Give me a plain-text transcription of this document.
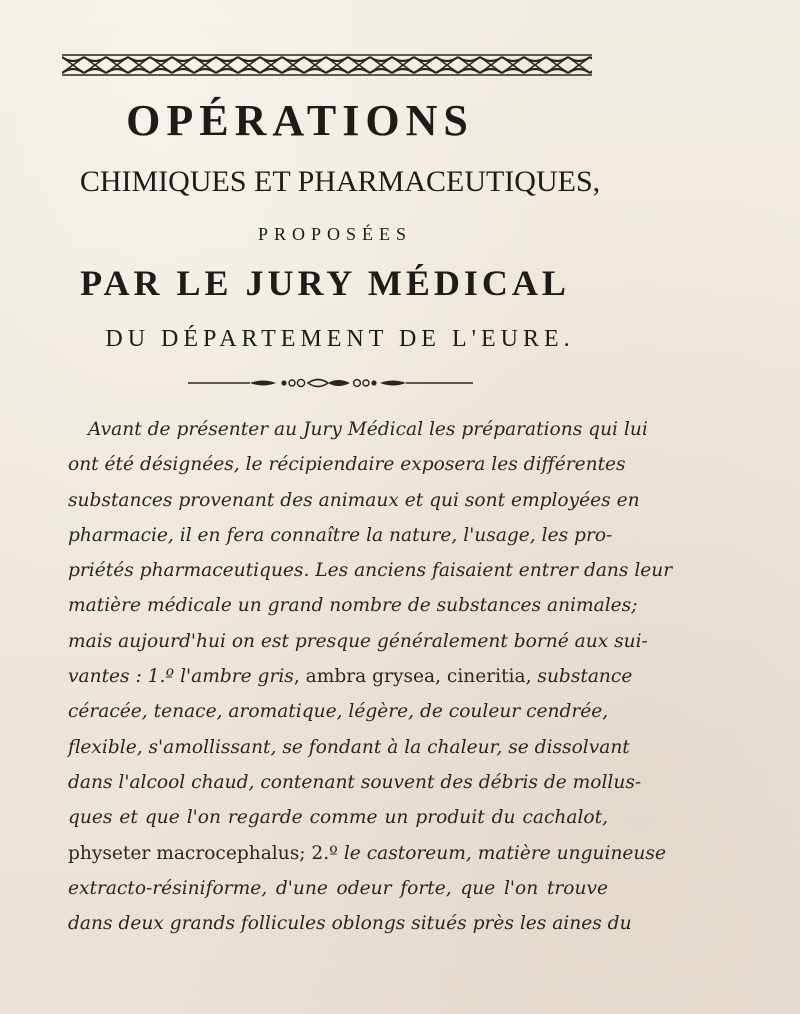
OPÉRATIONS
CHIMIQUES ET PHARMACEUTIQUES,
PROPOSÉES
PAR LE JURY MÉDICAL
DU DÉPARTEMENT DE L'EURE.
Avant de présenter au Jury Médical les préparations qui lui
ont été désignées, le récipiendaire exposera les différentes
substances provenant des animaux et qui sont employées en
pharmacie, il en fera connaître la nature, l'usage, les pro-
priétés pharmaceutiques. Les anciens faisaient entrer dans leur
matière médicale un grand nombre de substances animales;
mais aujourd'hui on est presque généralement borné aux sui-
vantes : 1.º l'ambre gris, ambra grysea, cineritia, substance
céracée, tenace, aromatique, légère, de couleur cendrée,
flexible, s'amollissant, se fondant à la chaleur, se dissolvant
dans l'alcool chaud, contenant souvent des débris de mollus-
ques et que l'on regarde comme un produit du cachalot,
physeter macrocephalus; 2.º le castoreum, matière unguineuse
extracto-résiniforme, d'une odeur forte, que l'on trouve
dans deux grands follicules oblongs situés près les aines du
